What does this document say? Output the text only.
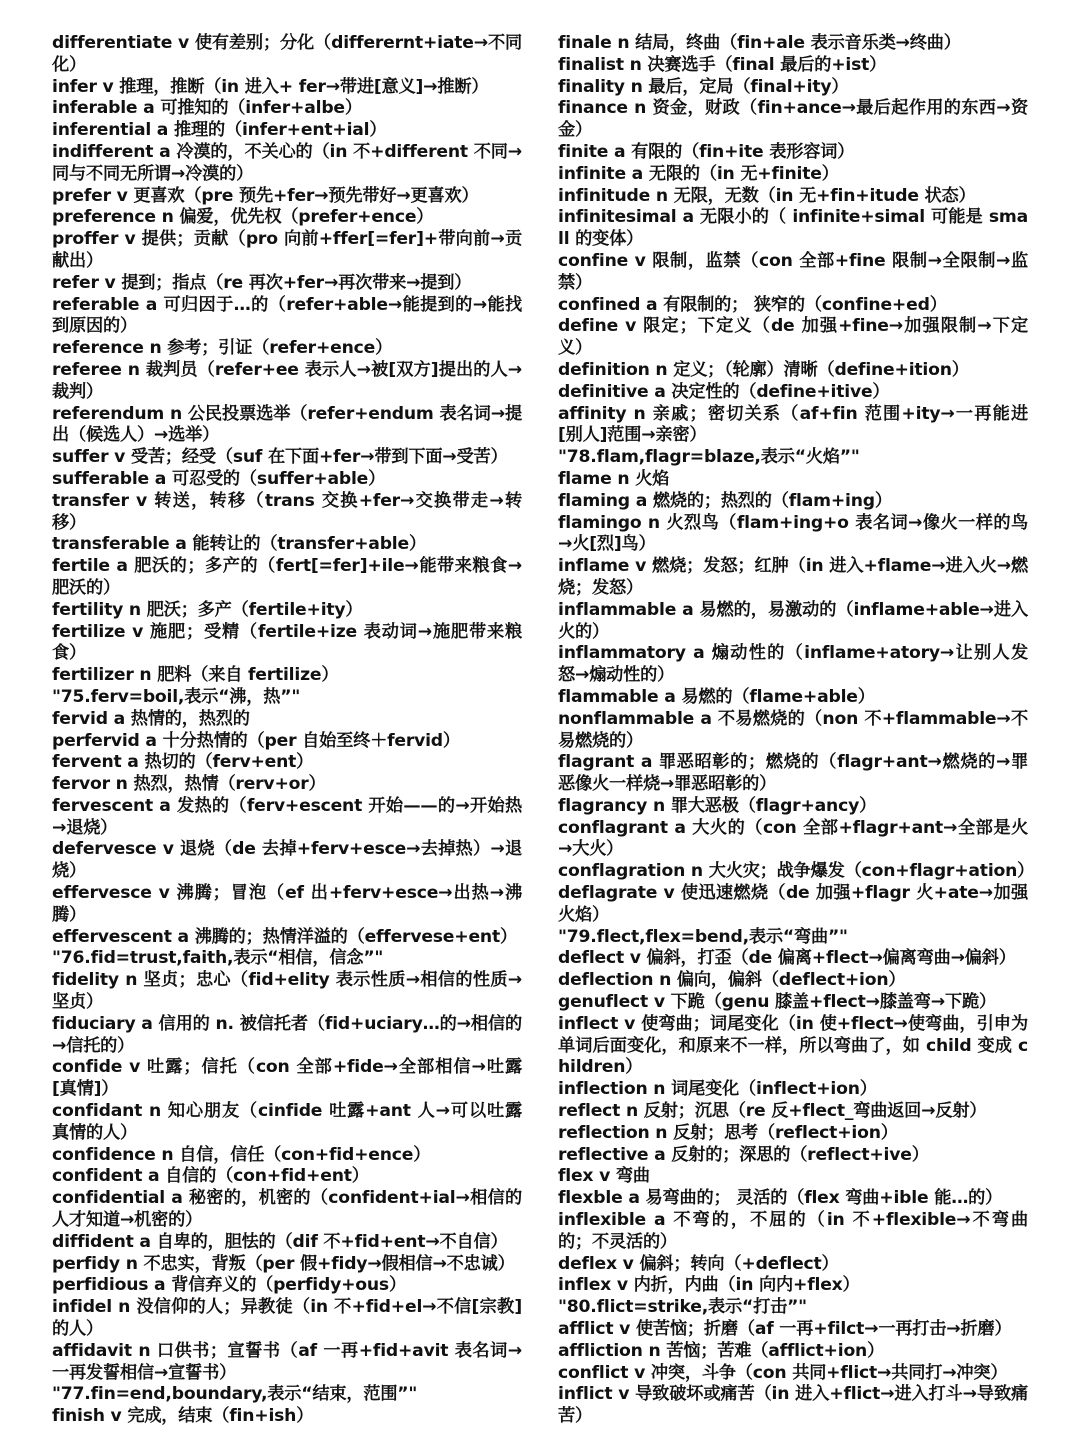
differentiate v 使有差别；分化（differernt+iate→不同化）
infer v 推理，推断（in 进入+ fer→带进[意义]→推断）
inferable a 可推知的（infer+albe）
inferential a 推理的（infer+ent+ial）
indifferent a 冷漠的，不关心的（in 不+different 不同→同与不同无所谓→冷漠的）
prefer v 更喜欢（pre 预先+fer→预先带好→更喜欢）
preference n 偏爱，优先权（prefer+ence）
proffer v 提供；贡献（pro 向前+ffer[=fer]+带向前→贡献出）
refer v 提到；指点（re 再次+fer→再次带来→提到）
referable a 可归因于…的（refer+able→能提到的→能找到原因的）
reference n 参考；引证（refer+ence）
referee n 裁判员（refer+ee 表示人→被[双方]提出的人→裁判）
referendum n 公民投票选举（refer+endum 表名词→提出（候选人）→选举）
suffer v 受苦；经受（suf 在下面+fer→带到下面→受苦）
sufferable a 可忍受的（suffer+able）
transfer v 转送，转移（trans 交换+fer→交换带走→转移）
transferable a 能转让的（transfer+able）
fertile a 肥沃的；多产的（fert[=fer]+ile→能带来粮食→肥沃的）
fertility n 肥沃；多产（fertile+ity）
fertilize v 施肥；受精（fertile+ize 表动词→施肥带来粮食）
fertilizer n 肥料（来自 fertilize）
"75.ferv=boil,表示“沸，热”"
fervid a 热情的，热烈的
perfervid a 十分热情的（per 自始至终＋fervid）
fervent a 热切的（ferv+ent）
fervor n 热烈，热情（rerv+or）
fervescent a 发热的（ferv+escent 开始——的→开始热→退烧）
defervesce v 退烧（de 去掉+ferv+esce→去掉热）→退烧）
effervesce v 沸腾；冒泡（ef 出+ferv+esce→出热→沸腾）
effervescent a 沸腾的；热情洋溢的（effervese+ent）
"76.fid=trust,faith,表示“相信，信念”"
fidelity n 坚贞；忠心（fid+elity 表示性质→相信的性质→坚贞）
fiduciary a 信用的 n. 被信托者（fid+uciary…的→相信的→信托的）
confide v 吐露；信托（con 全部+fide→全部相信→吐露[真情]）
confidant n 知心朋友（cinfide 吐露+ant 人→可以吐露真情的人）
confidence n 自信，信任（con+fid+ence）
confident a 自信的（con+fid+ent）
confidential a 秘密的，机密的（confident+ial→相信的人才知道→机密的）
diffident a 自卑的，胆怯的（dif 不+fid+ent→不自信）
perfidy n 不忠实，背叛（per 假+fidy→假相信→不忠诚）
perfidious a 背信弃义的（perfidy+ous）
infidel n 没信仰的人；异教徒（in 不+fid+el→不信[宗教]的人）
affidavit n 口供书；宣誓书（af 一再+fid+avit 表名词→一再发誓相信→宣誓书）
"77.fin=end,boundary,表示“结束，范围”"
finish v 完成，结束（fin+ish）
finale n 结局，终曲（fin+ale 表示音乐类→终曲）
finalist n 决赛选手（final 最后的+ist）
finality n 最后，定局（final+ity）
finance n 资金，财政（fin+ance→最后起作用的东西→资金）
finite a 有限的（fin+ite 表形容词）
infinite a 无限的（in 无+finite）
infinitude n 无限，无数（in 无+fin+itude 状态）
infinitesimal a 无限小的（ infinite+simal 可能是 small 的变体）
confine v 限制，监禁（con 全部+fine 限制→全限制→监禁）
confined a 有限制的； 狭窄的（confine+ed）
define v 限定；下定义（de 加强+fine→加强限制→下定义）
definition n 定义；（轮廓）清晰（define+ition）
definitive a 决定性的（define+itive）
affinity n 亲戚；密切关系（af+fin 范围+ity→一再能进[别人]范围→亲密）
"78.flam,flagr=blaze,表示“火焰”"
flame n 火焰
flaming a 燃烧的；热烈的（flam+ing）
flamingo n 火烈鸟（flam+ing+o 表名词→像火一样的鸟→火[烈]鸟）
inflame v 燃烧；发怒；红肿（in 进入+flame→进入火→燃烧；发怒）
inflammable a 易燃的，易激动的（inflame+able→进入火的）
inflammatory a 煽动性的（inflame+atory→让别人发怒→煽动性的）
flammable a 易燃的（flame+able）
nonflammable a 不易燃烧的（non 不+flammable→不易燃烧的）
flagrant a 罪恶昭彰的；燃烧的（flagr+ant→燃烧的→罪恶像火一样烧→罪恶昭彰的）
flagrancy n 罪大恶极（flagr+ancy）
conflagrant a 大火的（con 全部+flagr+ant→全部是火→大火）
conflagration n 大火灾；战争爆发（con+flagr+ation）
deflagrate v 使迅速燃烧（de 加强+flagr 火+ate→加强火焰）
"79.flect,flex=bend,表示“弯曲”"
deflect v 偏斜，打歪（de 偏离+flect→偏离弯曲→偏斜）
deflection n 偏向，偏斜（deflect+ion）
genuflect v 下跪（genu 膝盖+flect→膝盖弯→下跪）
inflect v 使弯曲；词尾变化（in 使+flect→使弯曲，引申为单词后面变化，和原来不一样，所以弯曲了，如 child 变成 children）
inflection n 词尾变化（inflect+ion）
reflect n 反射；沉思（re 反+flect_弯曲返回→反射）
reflection n 反射；思考（reflect+ion）
reflective a 反射的；深思的（reflect+ive）
flex v 弯曲
flexble a 易弯曲的； 灵活的（flex 弯曲+ible 能…的）
inflexible a 不弯的，不屈的（in 不+flexible→不弯曲的；不灵活的）
deflex v 偏斜；转向（+deflect）
inflex v 内折，内曲（in 向内+flex）
"80.flict=strike,表示“打击”"
afflict v 使苦恼；折磨（af 一再+filct→一再打击→折磨）
affliction n 苦恼；苦难（afflict+ion）
conflict v 冲突，斗争（con 共同+flict→共同打→冲突）
inflict v 导致破坏或痛苦（in 进入+flict→进入打斗→导致痛苦）
